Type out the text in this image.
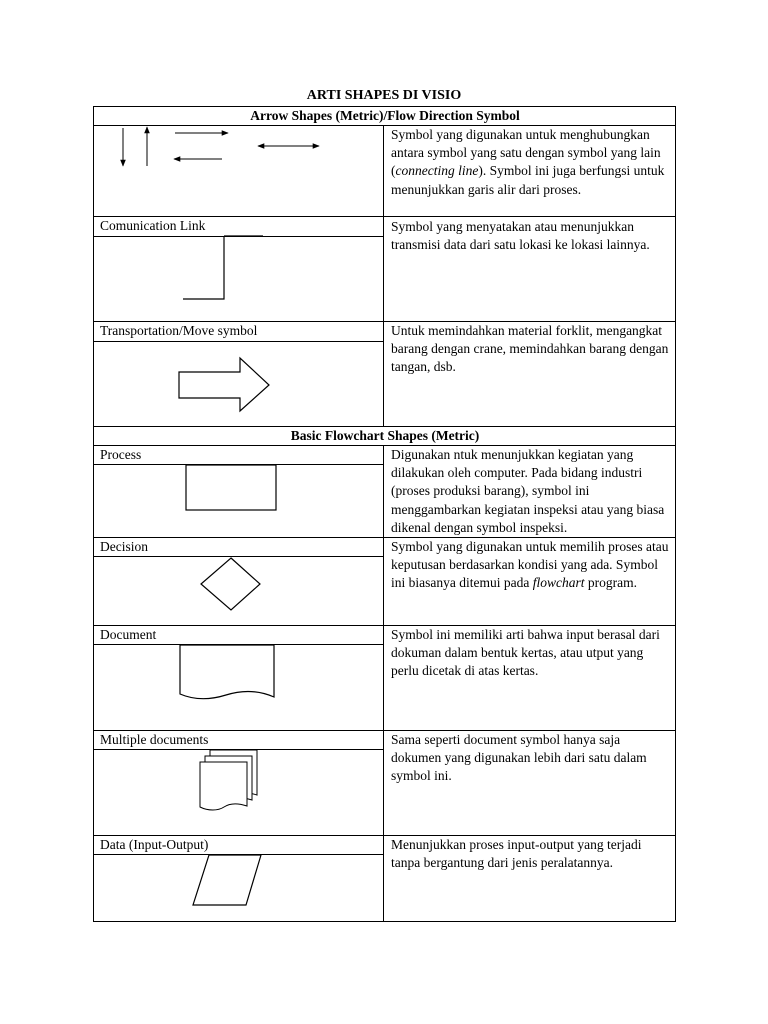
ARTI SHAPES DI VISIO
Arrow Shapes (Metric)/Flow Direction Symbol
Basic Flowchart Shapes (Metric)
Comunication Link
Transportation/Move symbol
Process
Decision
Document
Multiple documents
Data (Input-Output)
Symbol yang digunakan untuk menghubungkan antara symbol yang satu dengan symbol yang lain (connecting line). Symbol ini juga berfungsi untuk menunjukkan garis alir dari proses.
Symbol yang menyatakan atau menunjukkan transmisi data dari satu lokasi ke lokasi lainnya.
Untuk memindahkan material forklit, mengangkat barang dengan crane, memindahkan barang dengan tangan, dsb.
Digunakan ntuk menunjukkan kegiatan yang dilakukan oleh computer. Pada bidang industri (proses produksi barang), symbol ini menggambarkan kegiatan inspeksi atau yang biasa dikenal dengan symbol inspeksi.
Symbol yang digunakan untuk memilih proses atau keputusan berdasarkan kondisi yang ada. Symbol ini biasanya ditemui pada flowchart program.
Symbol ini memiliki arti bahwa input berasal dari dokuman dalam bentuk kertas, atau utput yang perlu dicetak di atas kertas.
Sama seperti document symbol hanya saja dokumen yang digunakan lebih dari satu dalam symbol ini.
Menunjukkan proses input-output yang terjadi tanpa bergantung dari jenis peralatannya.
